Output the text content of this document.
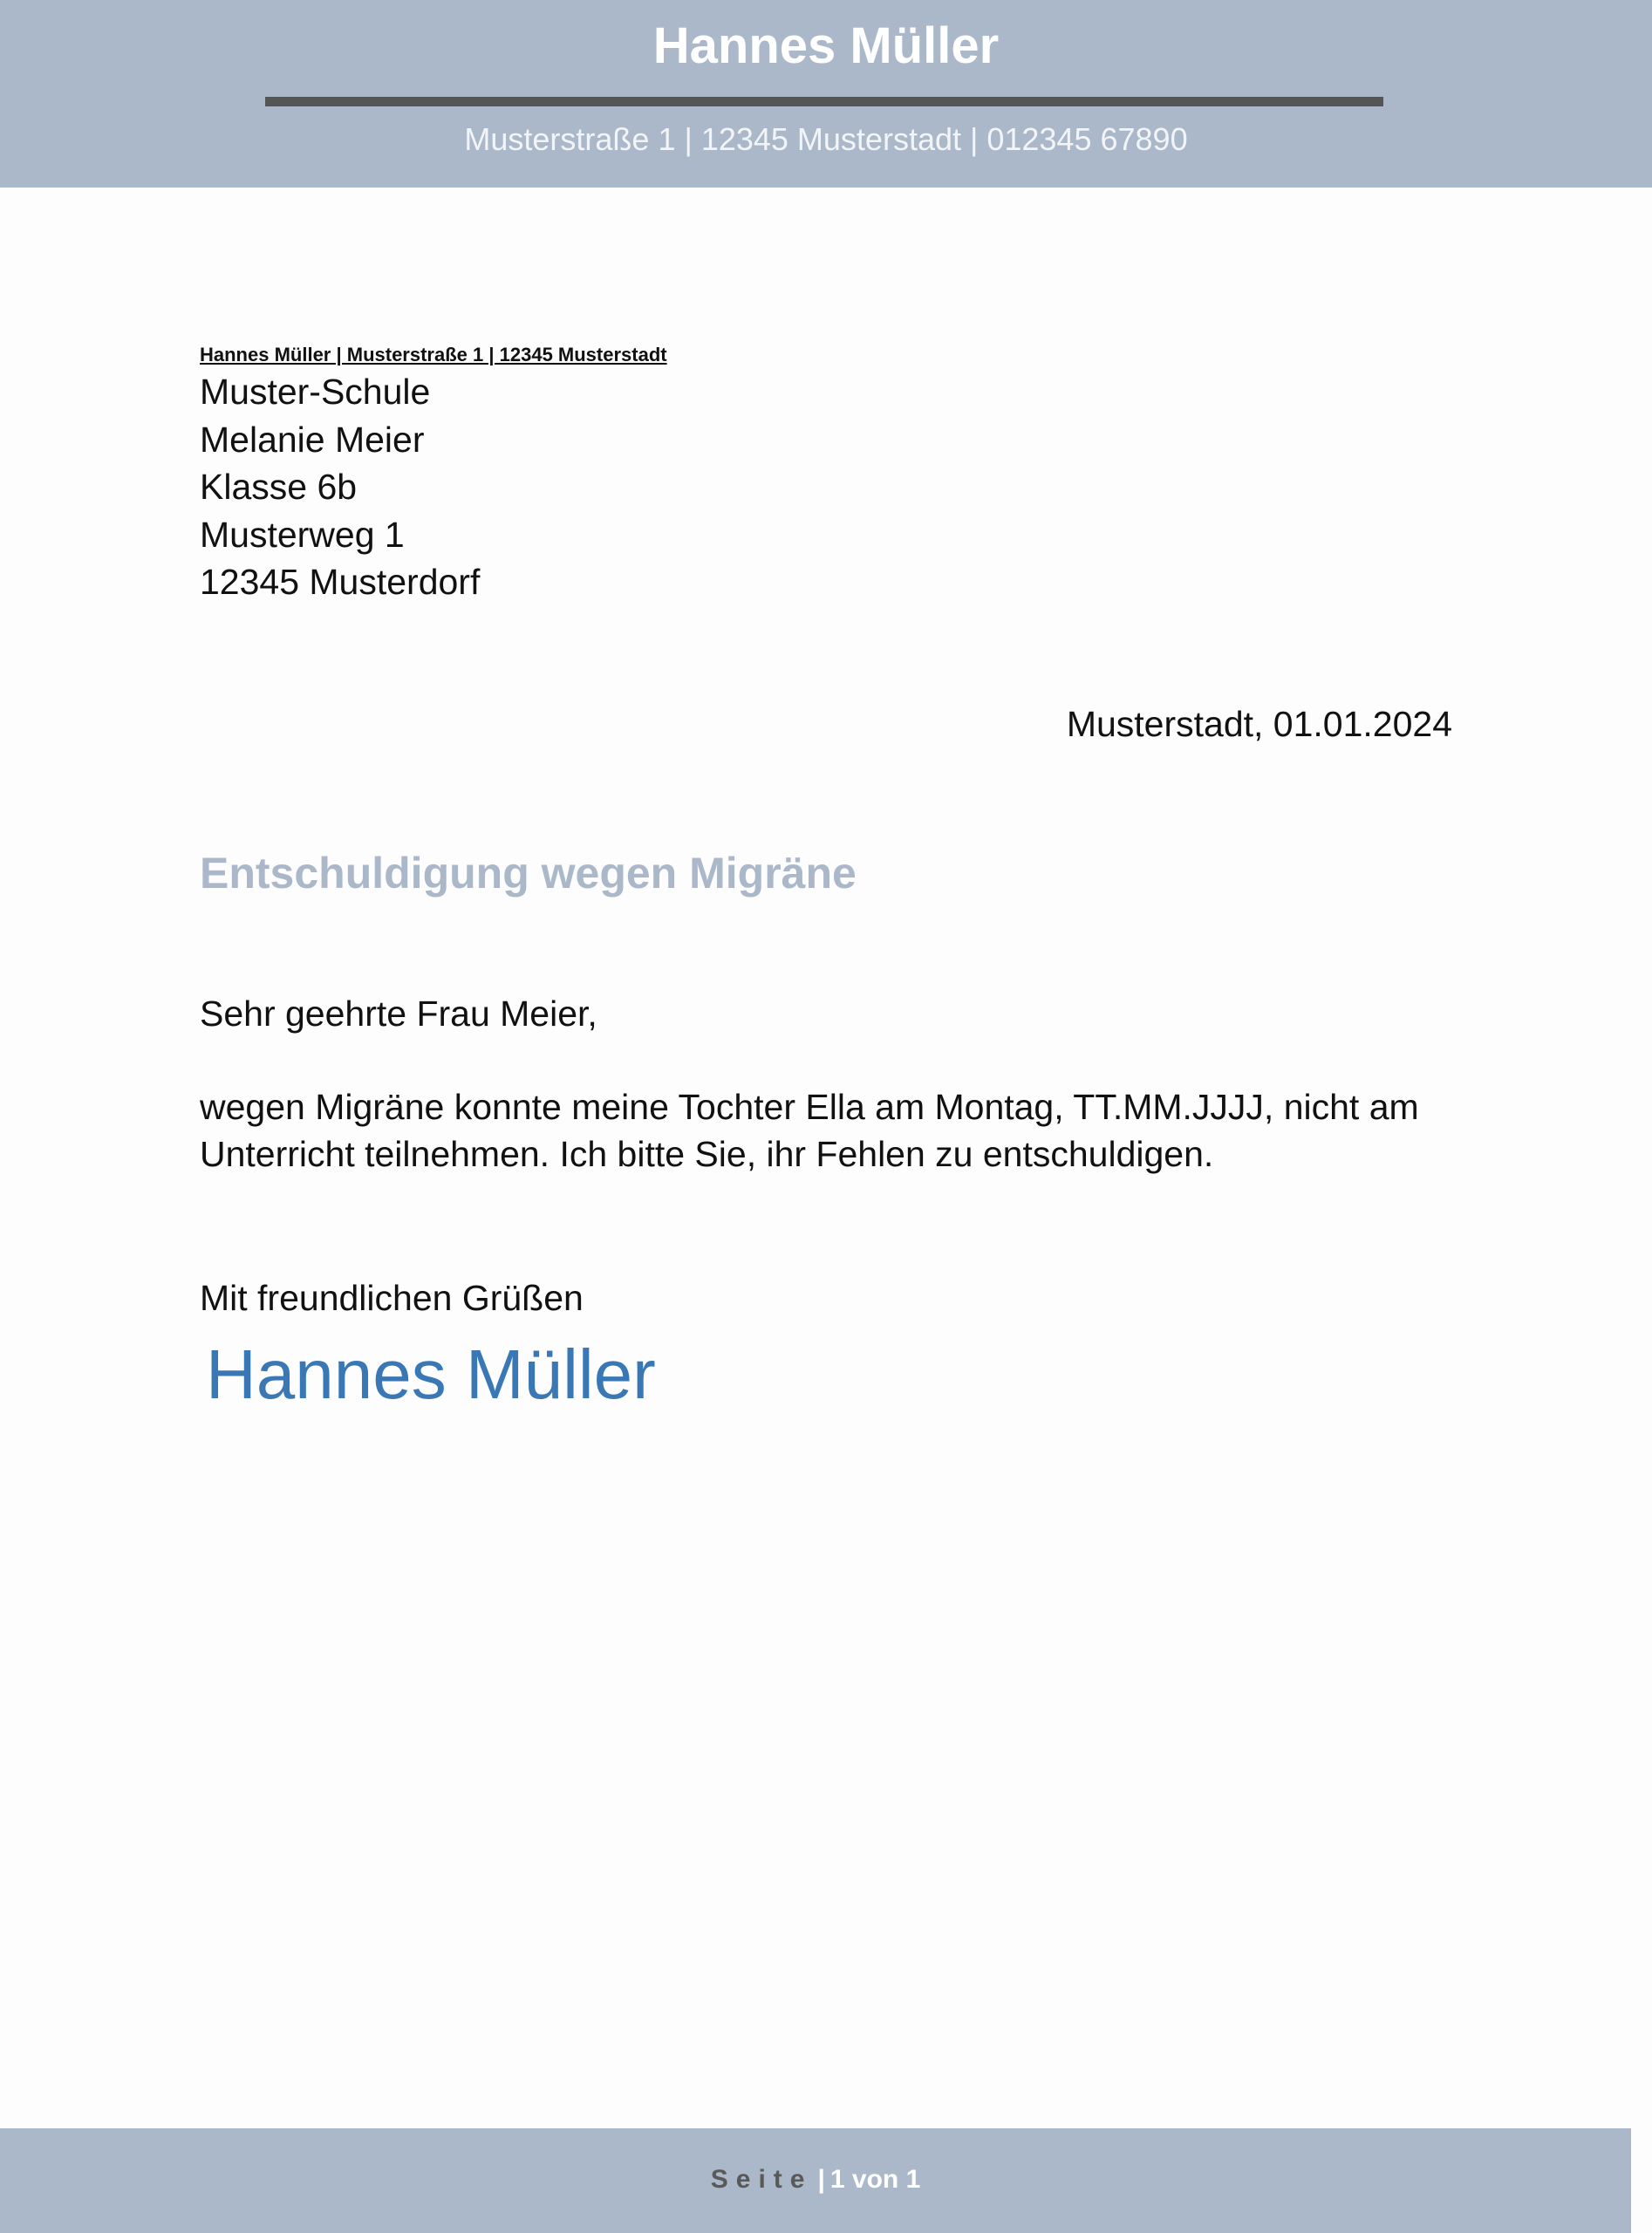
Hannes Müller
Musterstraße 1 | 12345 Musterstadt | 012345 67890
Hannes Müller | Musterstraße 1 | 12345 Musterstadt
Muster-Schule
Melanie Meier
Klasse 6b
Musterweg 1
12345 Musterdorf
Musterstadt, 01.01.2024
Entschuldigung wegen Migräne
Sehr geehrte Frau Meier,
wegen Migräne konnte meine Tochter Ella am Montag, TT.MM.JJJJ, nicht am Unterricht teilnehmen. Ich bitte Sie, ihr Fehlen zu entschuldigen.
Mit freundlichen Grüßen
Hannes Müller
Seite | 1 von 1
